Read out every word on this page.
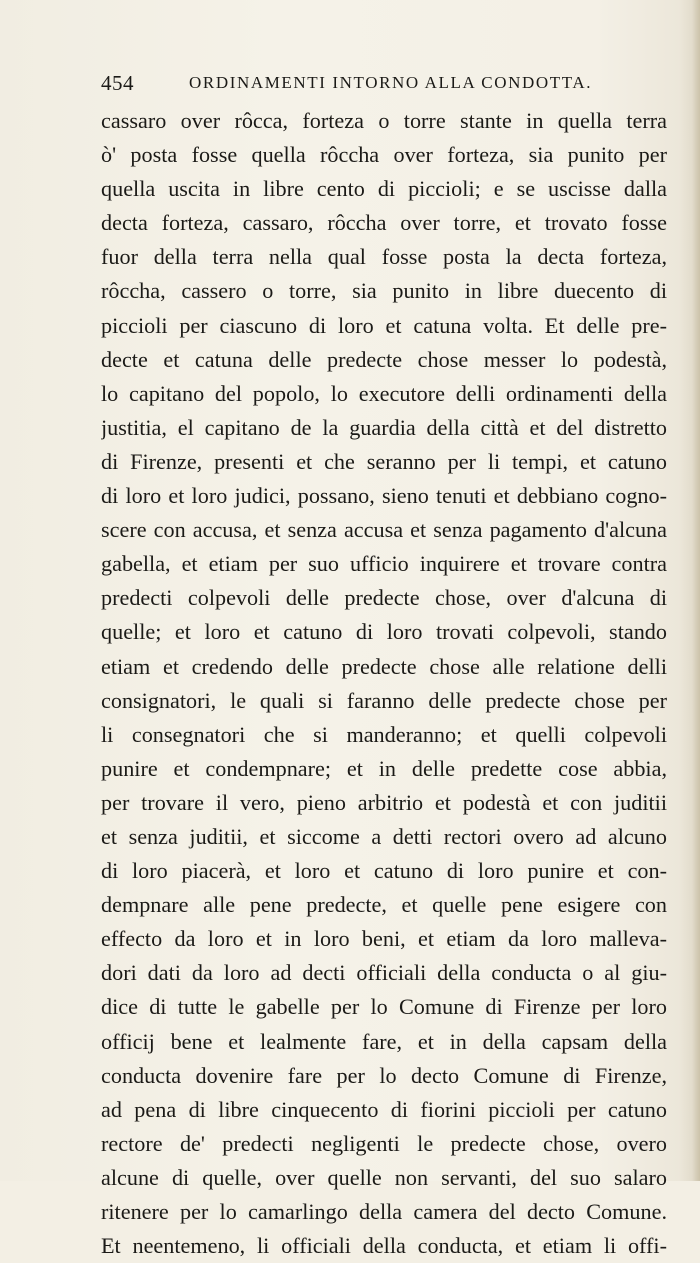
454	ORDINAMENTI INTORNO ALLA CONDOTTA.
cassaro over rôcca, forteza o torre stante in quella terra
ò' posta fosse quella rôccha over forteza, sia punito per
quella uscita in libre cento di piccioli; e se uscisse dalla
decta forteza, cassaro, rôccha over torre, et trovato fosse
fuor della terra nella qual fosse posta la decta forteza,
rôccha, cassero o torre, sia punito in libre duecento di
piccioli per ciascuno di loro et catuna volta. Et delle pre-
decte et catuna delle predecte chose messer lo podestà,
lo capitano del popolo, lo executore delli ordinamenti della
justitia, el capitano de la guardia della città et del distretto
di Firenze, presenti et che seranno per li tempi, et catuno
di loro et loro judici, possano, sieno tenuti et debbiano cogno-
scere con accusa, et senza accusa et senza pagamento d'alcuna
gabella, et etiam per suo ufficio inquirere et trovare contra
predecti colpevoli delle predecte chose, over d'alcuna di
quelle; et loro et catuno di loro trovati colpevoli, stando
etiam et credendo delle predecte chose alle relatione delli
consignatori, le quali si faranno delle predecte chose per
li consegnatori che si manderanno; et quelli colpevoli
punire et condempnare; et in delle predette cose abbia,
per trovare il vero, pieno arbitrio et podestà et con juditii
et senza juditii, et siccome a detti rectori overo ad alcuno
di loro piacerà, et loro et catuno di loro punire et con-
dempnare alle pene predecte, et quelle pene esigere con
effecto da loro et in loro beni, et etiam da loro malleva-
dori dati da loro ad decti officiali della conducta o al giu-
dice di tutte le gabelle per lo Comune di Firenze per loro
officij bene et lealmente fare, et in della capsam della
conducta dovenire fare per lo decto Comune di Firenze,
ad pena di libre cinquecento di fiorini piccioli per catuno
rectore de' predecti negligenti le predecte chose, overo
alcune di quelle, over quelle non servanti, del suo salaro
ritenere per lo camarlingo della camera del decto Comune.
Et neentemeno, li officiali della conducta, et etiam li offi-
